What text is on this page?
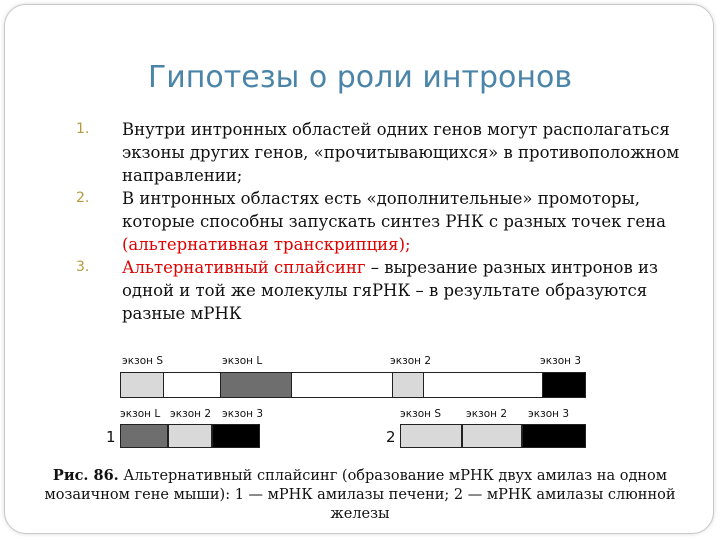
Гипотезы о роли интронов
1. Внутри интронных областей одних генов могут располагаться экзоны других генов, «прочитывающихся» в противоположном направлении;
2. В интронных областях есть «дополнительные» промоторы, которые способны запускать синтез РНК с разных точек гена (альтернативная транскрипция);
3. Альтернативный сплайсинг – вырезание разных интронов из одной и той же молекулы гяРНК – в результате образуются разные мРНК
экзон S	экзон L	экзон 2	экзон 3
1
экзон L экзон 2 экзон 3
2
экзон S экзон 2 экзон 3
Рис. 86. Альтернативный сплайсинг (образование мРНК двух амилаз на одном мозаичном гене мыши): 1 — мРНК амилазы печени; 2 — мРНК амилазы слюнной железы
